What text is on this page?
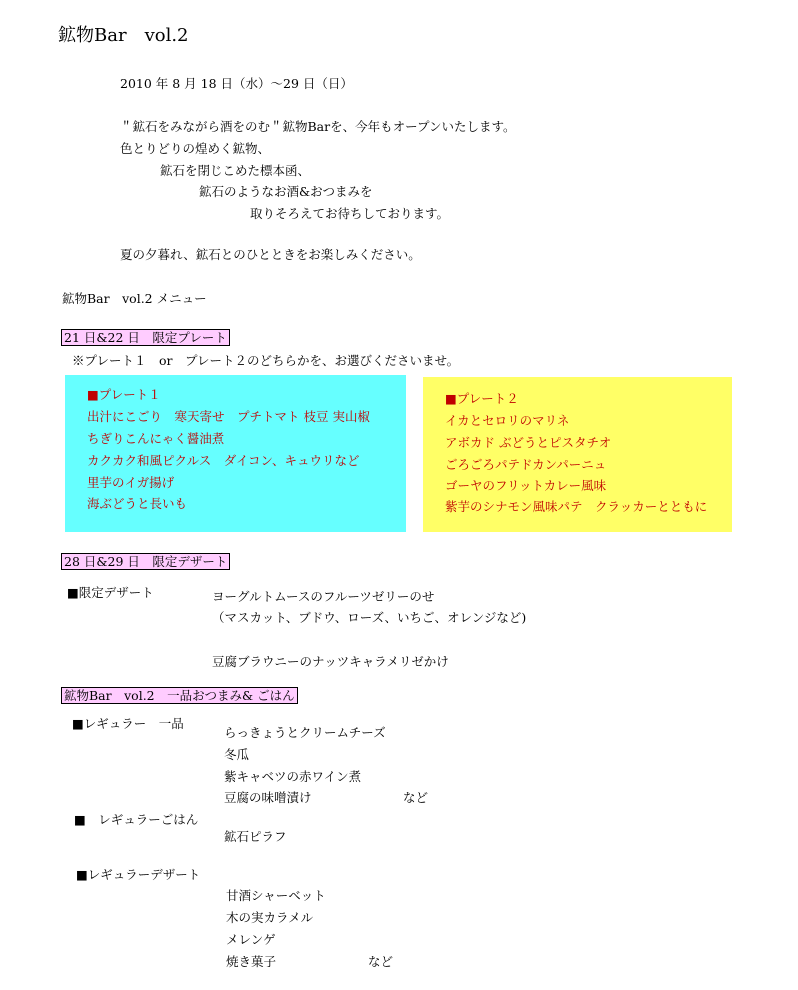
鉱物Bar　vol.2
2010 年 8 月 18 日（水）〜29 日（日）
＂鉱石をみながら酒をのむ＂鉱物Barを、今年もオープンいたします。
色とりどりの煌めく鉱物、
鉱石を閉じこめた標本函、
鉱石のようなお酒&おつまみを
取りそろえてお待ちしております。
夏の夕暮れ、鉱石とのひとときをお楽しみください。
鉱物Bar　vol.2 メニュー
21 日&22 日　限定プレート
※プレート１　or　プレート２のどちらかを、お選びくださいませ。
■プレート１
出汁にこごり　寒天寄せ　プチトマト 枝豆 実山椒
ちぎりこんにゃく醤油煮
カクカク和風ピクルス　ダイコン、キュウリなど
里芋のイガ揚げ
海ぶどうと長いも
■プレート２
イカとセロリのマリネ
アボカド ぶどうとピスタチオ
ごろごろパテドカンパーニュ
ゴーヤのフリットカレー風味
紫芋のシナモン風味パテ　クラッカーとともに
28 日&29 日　限定デザート
■限定デザート	ヨーグルトムースのフルーツゼリーのせ
（マスカット、ブドウ、ローズ、いちご、オレンジなど)
豆腐ブラウニーのナッツキャラメリゼかけ
鉱物Bar　vol.2　一品おつまみ& ごはん
■レギュラー　一品
らっきょうとクリームチーズ
冬瓜
紫キャベツの赤ワイン煮
豆腐の味噌漬け	など
■　レギュラーごはん
鉱石ピラフ
■レギュラーデザート
甘酒シャーベット
木の実カラメル
メレンゲ
焼き菓子	など
